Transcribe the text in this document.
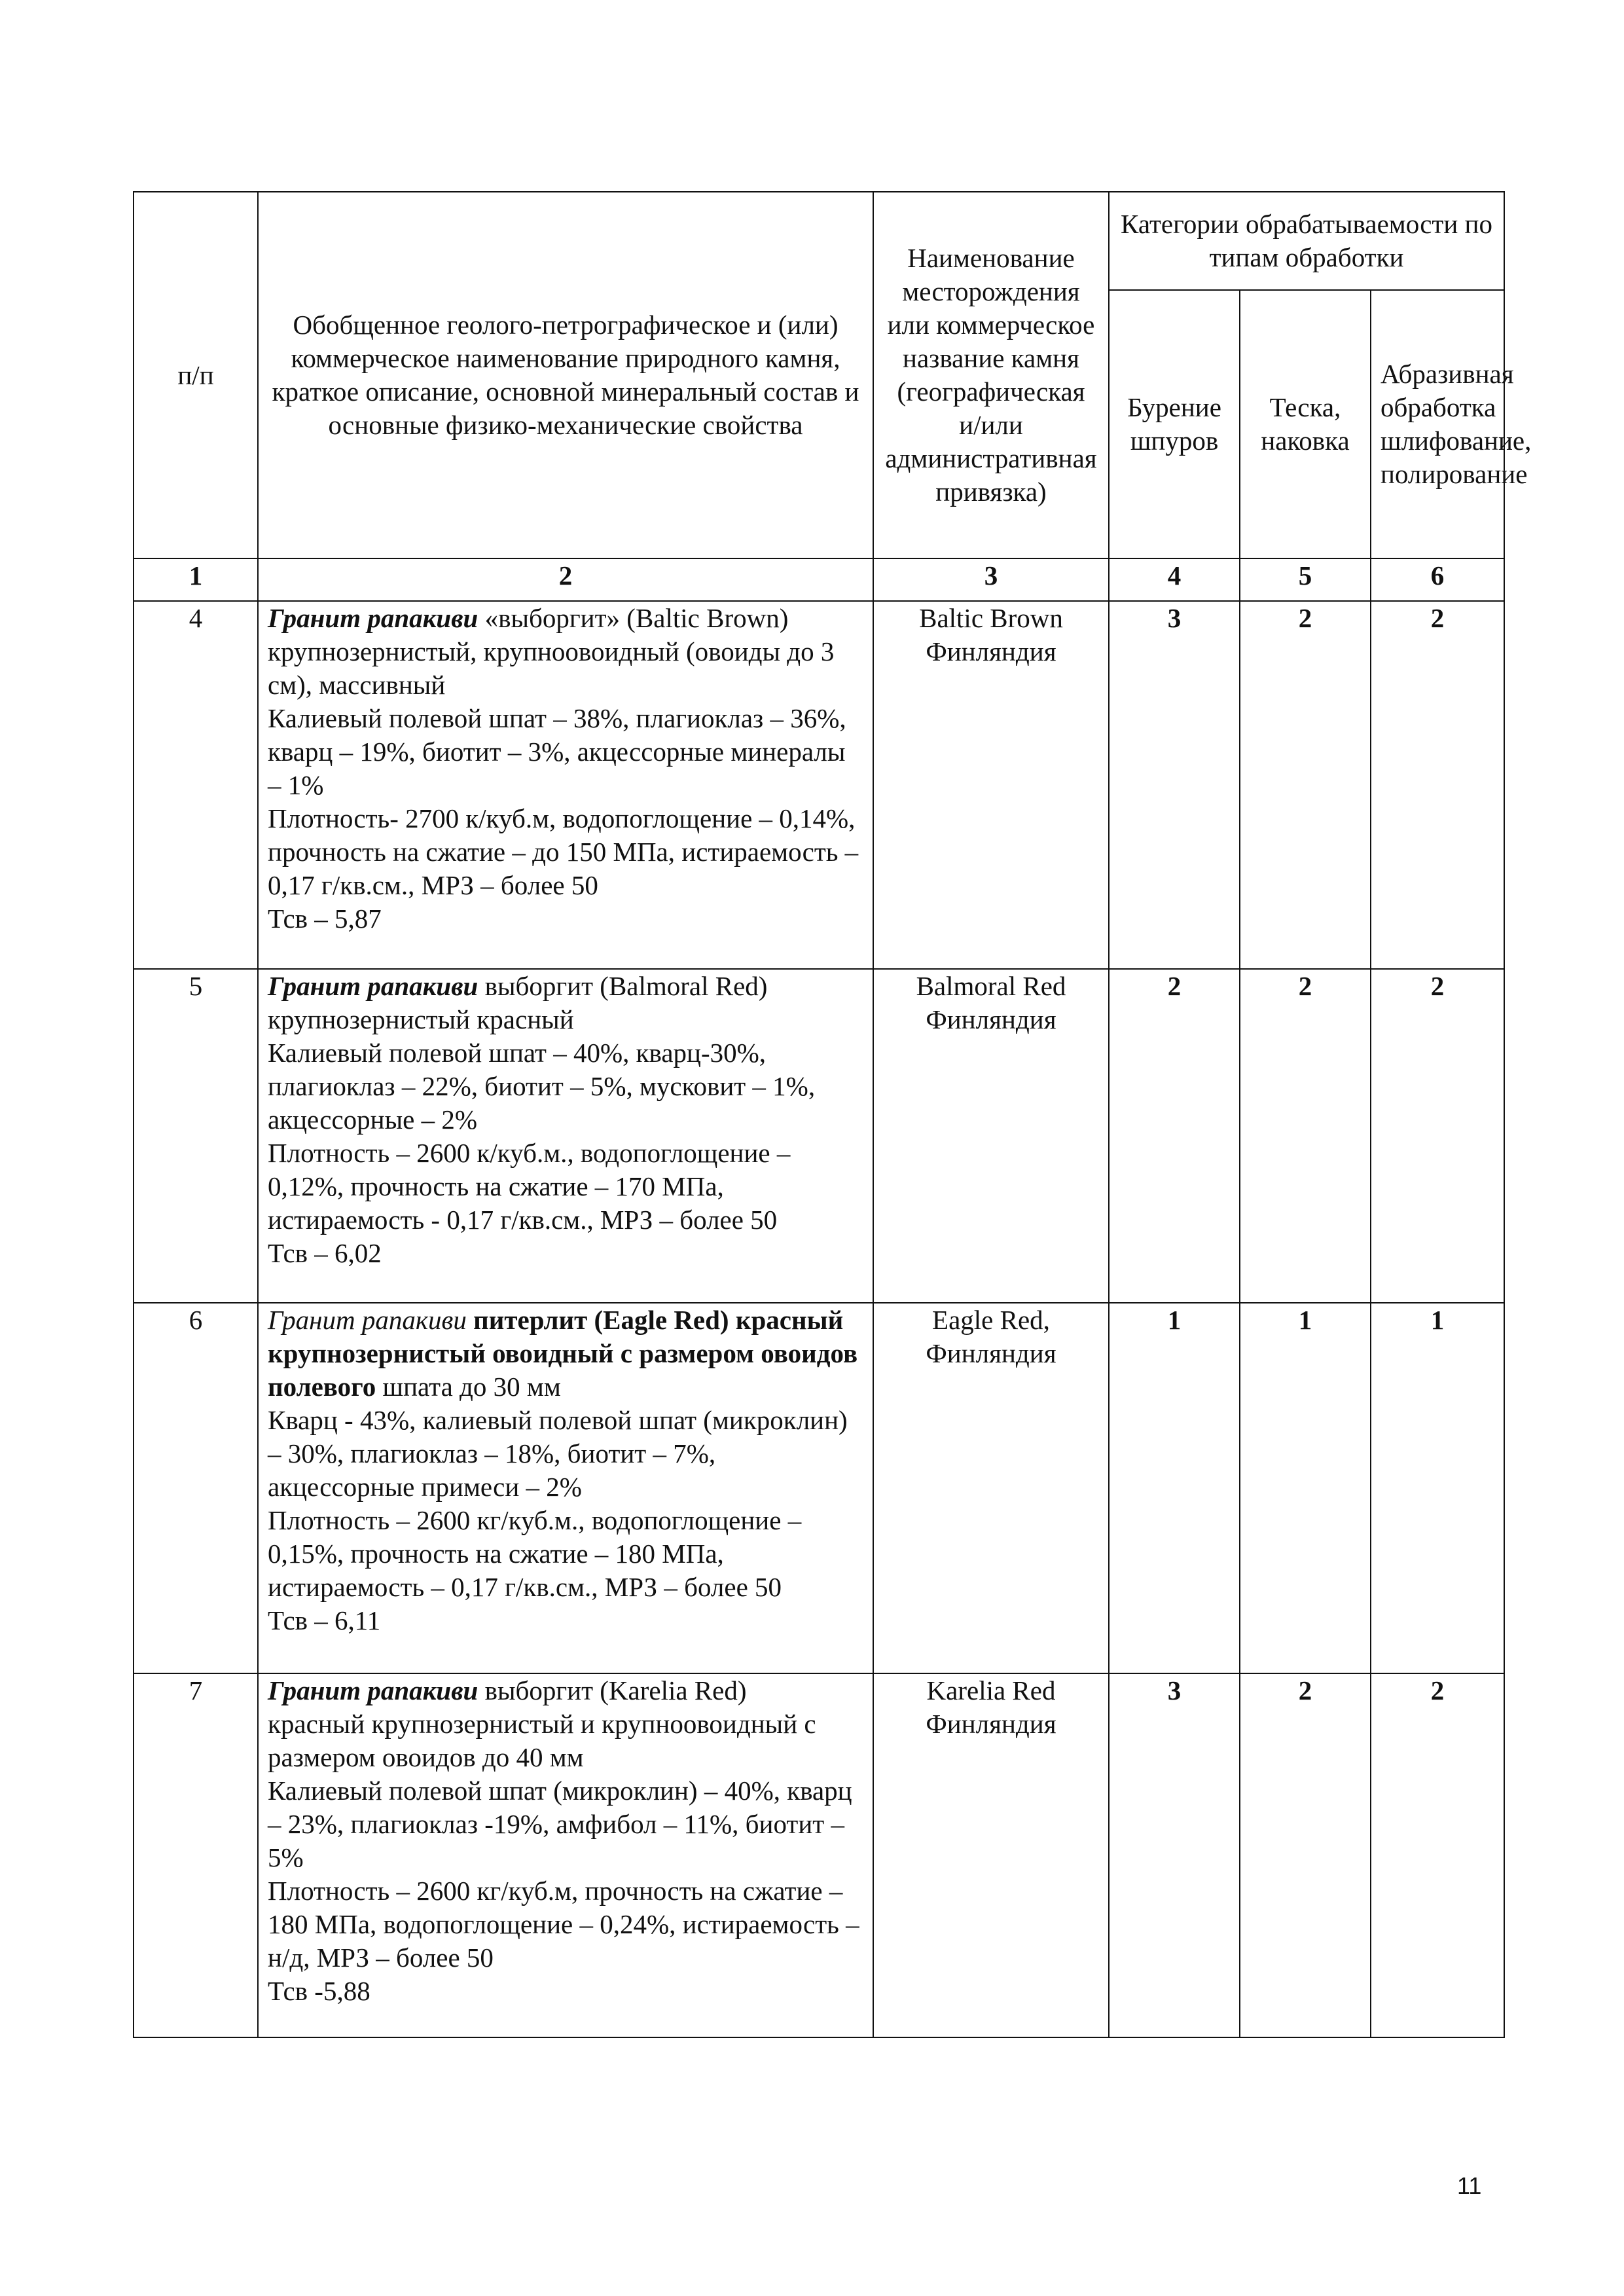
п/п	Обобщенное геолого-петрографическое и (или) коммерческое наименование природного камня, краткое описание, основной минеральный состав и основные физико-механические свойства	Наименование месторождения или коммерческое название камня (географическая и/или административная привязка)	Категории обрабатываемости по типам обработки		
			Бурение шпуров	Теска, наковка	Абразивная обработка шлифование, полирование
1	2	3	4	5	6
4	Гранит рапакиви «выборгит» (Baltic Brown)
крупнозернистый, крупноовоидный (овоиды до 3 см), массивный
Калиевый полевой шпат – 38%, плагиоклаз – 36%, кварц – 19%, биотит – 3%, акцессорные минералы – 1%
Плотность- 2700 к/куб.м, водопоглощение – 0,14%, прочность на сжатие – до 150 МПа, истираемость – 0,17 г/кв.см., МРЗ – более 50
Тсв – 5,87	Baltic Brown Финляндия	3	2	2
5	Гранит рапакиви выборгит (Balmoral Red)
крупнозернистый красный
Калиевый полевой шпат – 40%, кварц-30%, плагиоклаз – 22%, биотит – 5%, мусковит – 1%, акцессорные – 2%
Плотность – 2600 к/куб.м., водопоглощение – 0,12%, прочность на сжатие – 170 МПа, истираемость - 0,17 г/кв.см., МРЗ – более 50
Тсв – 6,02	Balmoral Red Финляндия	2	2	2
6	Гранит рапакиви питерлит (Eagle Red) красный крупнозернистый овоидный с размером овоидов полевого шпата до 30 мм
Кварц - 43%, калиевый полевой шпат (микроклин) – 30%, плагиоклаз – 18%, биотит – 7%, акцессорные примеси – 2%
Плотность – 2600 кг/куб.м., водопоглощение – 0,15%, прочность на сжатие – 180 МПа, истираемость – 0,17 г/кв.см., МРЗ – более 50
Тсв – 6,11	Eagle Red, Финляндия	1	1	1
7	Гранит рапакиви выборгит (Karelia Red)
красный крупнозернистый и крупноовоидный с размером овоидов до 40 мм
Калиевый полевой шпат (микроклин) – 40%, кварц – 23%, плагиоклаз -19%, амфибол – 11%, биотит – 5%
Плотность – 2600 кг/куб.м, прочность на сжатие – 180 МПа, водопоглощение – 0,24%, истираемость – н/д, МРЗ – более 50
Тсв -5,88	Karelia Red Финляндия	3	2	2
11
